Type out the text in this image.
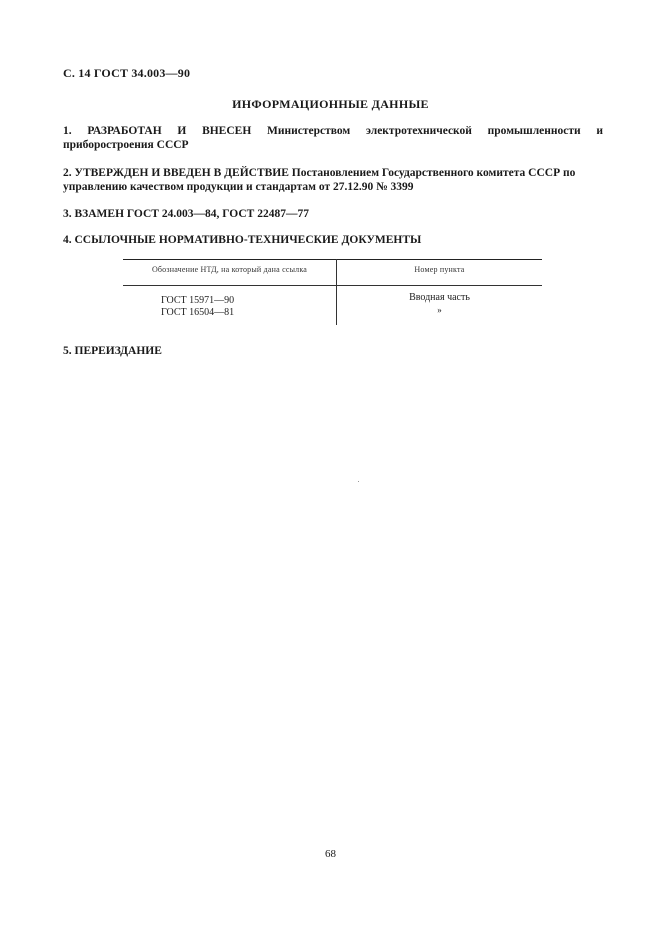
С. 14 ГОСТ 34.003—90
ИНФОРМАЦИОННЫЕ ДАННЫЕ
1. РАЗРАБОТАН И ВНЕСЕН Министерством электротехнической промышленности и приборостроения СССР
2. УТВЕРЖДЕН И ВВЕДЕН В ДЕЙСТВИЕ Постановлением Государственного комитета СССР по управлению качеством продукции и стандартам от 27.12.90 № 3399
3. ВЗАМЕН ГОСТ 24.003—84, ГОСТ 22487—77
4. ССЫЛОЧНЫЕ НОРМАТИВНО-ТЕХНИЧЕСКИЕ ДОКУМЕНТЫ
Обозначение НТД, на который дана ссылка	Номер пункта
ГОСТ 15971—90
ГОСТ 16504—81
Вводная часть
»
5. ПЕРЕИЗДАНИЕ
68
